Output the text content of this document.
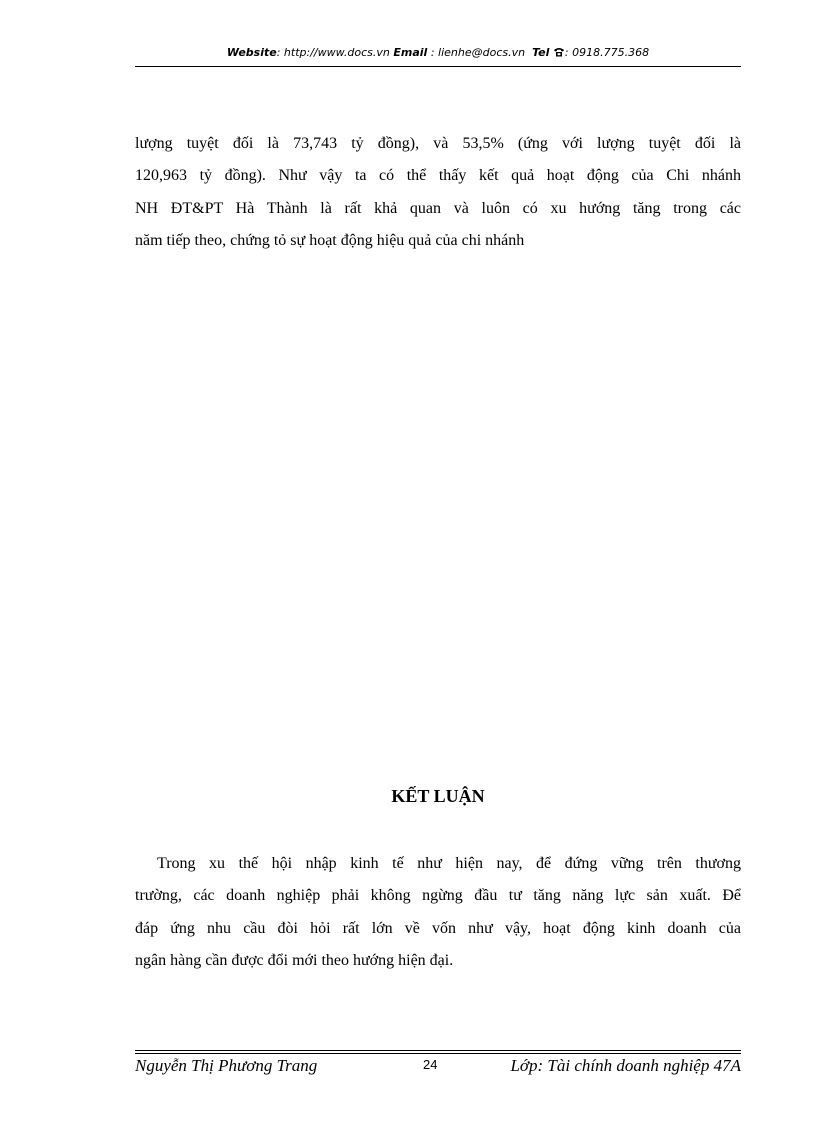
Website: http://www.docs.vn Email : lienhe@docs.vn Tel : 0918.775.368

lượng tuyệt đối là 73,743 tỷ đồng), và 53,5% (ứng với lượng tuyệt đối là
120,963 tỷ đồng). Như vậy ta có thể thấy kết quả hoạt động của Chi nhánh
NH ĐT&PT Hà Thành là rất khả quan và luôn có xu hướng tăng trong các
năm tiếp theo, chứng tỏ sự hoạt động hiệu quả của chi nhánh

KẾT LUẬN

Trong xu thế hội nhập kinh tế như hiện nay, để đứng vững trên thương
trường, các doanh nghiệp phải không ngừng đầu tư tăng năng lực sản xuất. Để
đáp ứng nhu cầu đòi hỏi rất lớn về vốn như vậy, hoạt động kinh doanh của
ngân hàng cần được đổi mới theo hướng hiện đại.

Nguyễn Thị Phương Trang	24	Lớp: Tài chính doanh nghiệp 47A
